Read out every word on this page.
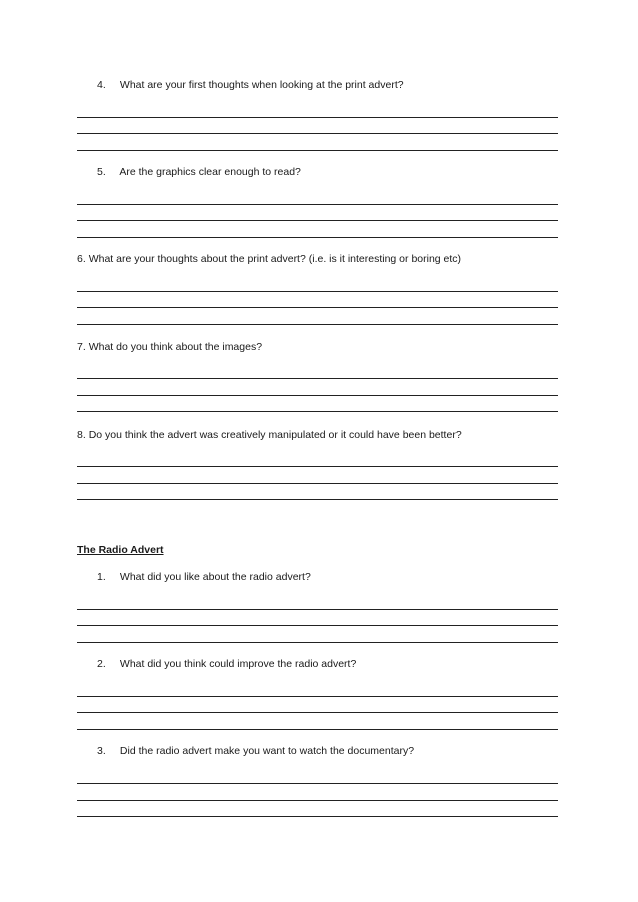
4. What are your first thoughts when looking at the print advert?
5. Are the graphics clear enough to read?
6. What are your thoughts about the print advert? (i.e. is it interesting or boring etc)
7. What do you think about the images?
8. Do you think the advert was creatively manipulated or it could have been better?
The Radio Advert
1. What did you like about the radio advert?
2. What did you think could improve the radio advert?
3. Did the radio advert make you want to watch the documentary?
